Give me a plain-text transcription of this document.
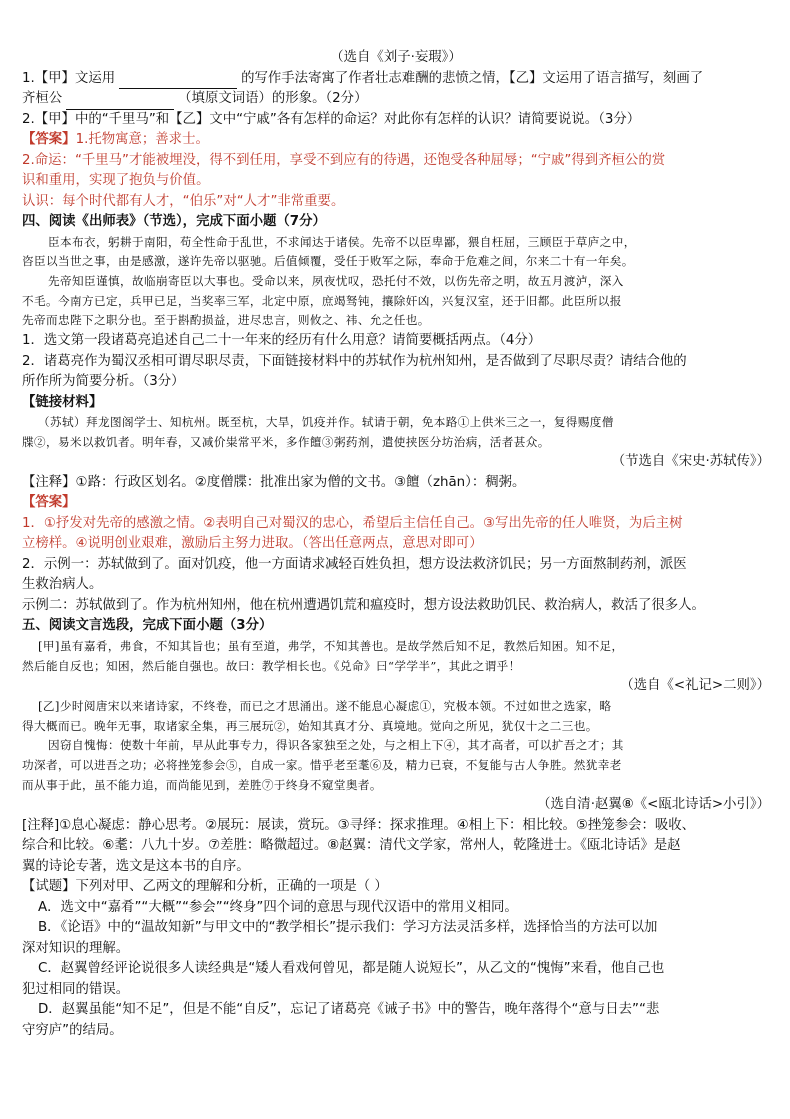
（选自《刘子·妄瑕》）
1.【甲】文运用	的写作手法寄寓了作者壮志难酬的悲愤之情，【乙】文运用了语言描写，刻画了
齐桓公	（填原文词语）的形象。（2分）
2.【甲】中的“千里马”和【乙】文中“宁戚”各有怎样的命运？对此你有怎样的认识？请简要说说。（3分）
【答案】1.托物寓意；善求士。
2.命运：“千里马”才能被埋没，得不到任用，享受不到应有的待遇，还饱受各种屈辱；“宁戚”得到齐桓公的赏
识和重用，实现了抱负与价值。
认识：每个时代都有人才，“伯乐”对“人才”非常重要。
四、阅读《出师表》（节选），完成下面小题（7分）
臣本布衣，躬耕于南阳，苟全性命于乱世，不求闻达于诸侯。先帝不以臣卑鄙，猥自枉屈，三顾臣于草庐之中，
咨臣以当世之事，由是感激，遂许先帝以驱驰。后值倾覆，受任于败军之际，奉命于危难之间，尔来二十有一年矣。
先帝知臣谨慎，故临崩寄臣以大事也。受命以来，夙夜忧叹，恐托付不效，以伤先帝之明，故五月渡泸，深入
不毛。今南方已定，兵甲已足，当奖率三军，北定中原，庶竭驽钝，攘除奸凶，兴复汉室，还于旧都。此臣所以报
先帝而忠陛下之职分也。至于斟酌损益，进尽忠言，则攸之、祎、允之任也。
1．选文第一段诸葛亮追述自己二十一年来的经历有什么用意？请简要概括两点。（4分）
2．诸葛亮作为蜀汉丞相可谓尽职尽责，下面链接材料中的苏轼作为杭州知州，是否做到了尽职尽责？请结合他的
所作所为简要分析。（3分）
【链接材料】
（苏轼）拜龙图阁学士、知杭州。既至杭，大旱，饥疫并作。轼请于朝，免本路①上供米三之一，复得赐度僧
牒②，易米以救饥者。明年春，又减价粜常平米，多作饘③粥药剂，遣使挟医分坊治病，活者甚众。
（节选自《宋史·苏轼传》）
【注释】①路：行政区划名。②度僧牒：批准出家为僧的文书。③饘（zhān）：稠粥。
【答案】
1．①抒发对先帝的感激之情。②表明自己对蜀汉的忠心，希望后主信任自己。③写出先帝的任人唯贤，为后主树
立榜样。④说明创业艰难，激励后主努力进取。（答出任意两点，意思对即可）
2．示例一：苏轼做到了。面对饥疫，他一方面请求减轻百姓负担，想方设法救济饥民；另一方面熬制药剂，派医
生救治病人。
示例二：苏轼做到了。作为杭州知州，他在杭州遭遇饥荒和瘟疫时，想方设法救助饥民、救治病人，救活了很多人。
五、阅读文言选段，完成下面小题（3分）
[甲]虽有嘉肴，弗食，不知其旨也；虽有至道，弗学，不知其善也。是故学然后知不足，教然后知困。知不足，
然后能自反也；知困，然后能自强也。故曰：教学相长也。《兑命》曰“学学半”，其此之谓乎！
（选自《<礼记>二则》）
[乙]少时阅唐宋以来诸诗家，不终卷，而已之才思涌出。遂不能息心凝虑①，究极本领。不过如世之选家，略
得大概而已。晚年无事，取诸家全集，再三展玩②，始知其真才分、真境地。觉向之所见，犹仅十之二三也。
因窃自愧悔：使数十年前，早从此事专力，得识各家独至之处，与之相上下④，其才高者，可以扩吾之才；其
功深者，可以进吾之功；必将挫笼参会⑤，自成一家。惜乎老至耄⑥及，精力已衰，不复能与古人争胜。然犹幸老
而从事于此，虽不能力追，而尚能见到，差胜⑦于终身不窥堂奥者。
（选自清·赵翼⑧《<瓯北诗话>小引》）
[注释]①息心凝虑：静心思考。②展玩：展读，赏玩。③寻绎：探求推理。④相上下：相比较。⑤挫笼参会：吸收、
综合和比较。⑥耄：八九十岁。⑦差胜：略微超过。⑧赵翼：清代文学家，常州人，乾隆进士。《瓯北诗话》是赵
翼的诗论专著，选文是这本书的自序。
【试题】下列对甲、乙两文的理解和分析，正确的一项是（ ）
A．选文中“嘉肴”“大概”“参会”“终身”四个词的意思与现代汉语中的常用义相同。
B．《论语》中的“温故知新”与甲文中的“教学相长”提示我们：学习方法灵活多样，选择恰当的方法可以加
深对知识的理解。
C．赵翼曾经评论说很多人读经典是“矮人看戏何曾见，都是随人说短长”，从乙文的“愧悔”来看，他自己也
犯过相同的错误。
D．赵翼虽能“知不足”，但是不能“自反”，忘记了诸葛亮《诫子书》中的警告，晚年落得个“意与日去”“悲
守穷庐”的结局。
